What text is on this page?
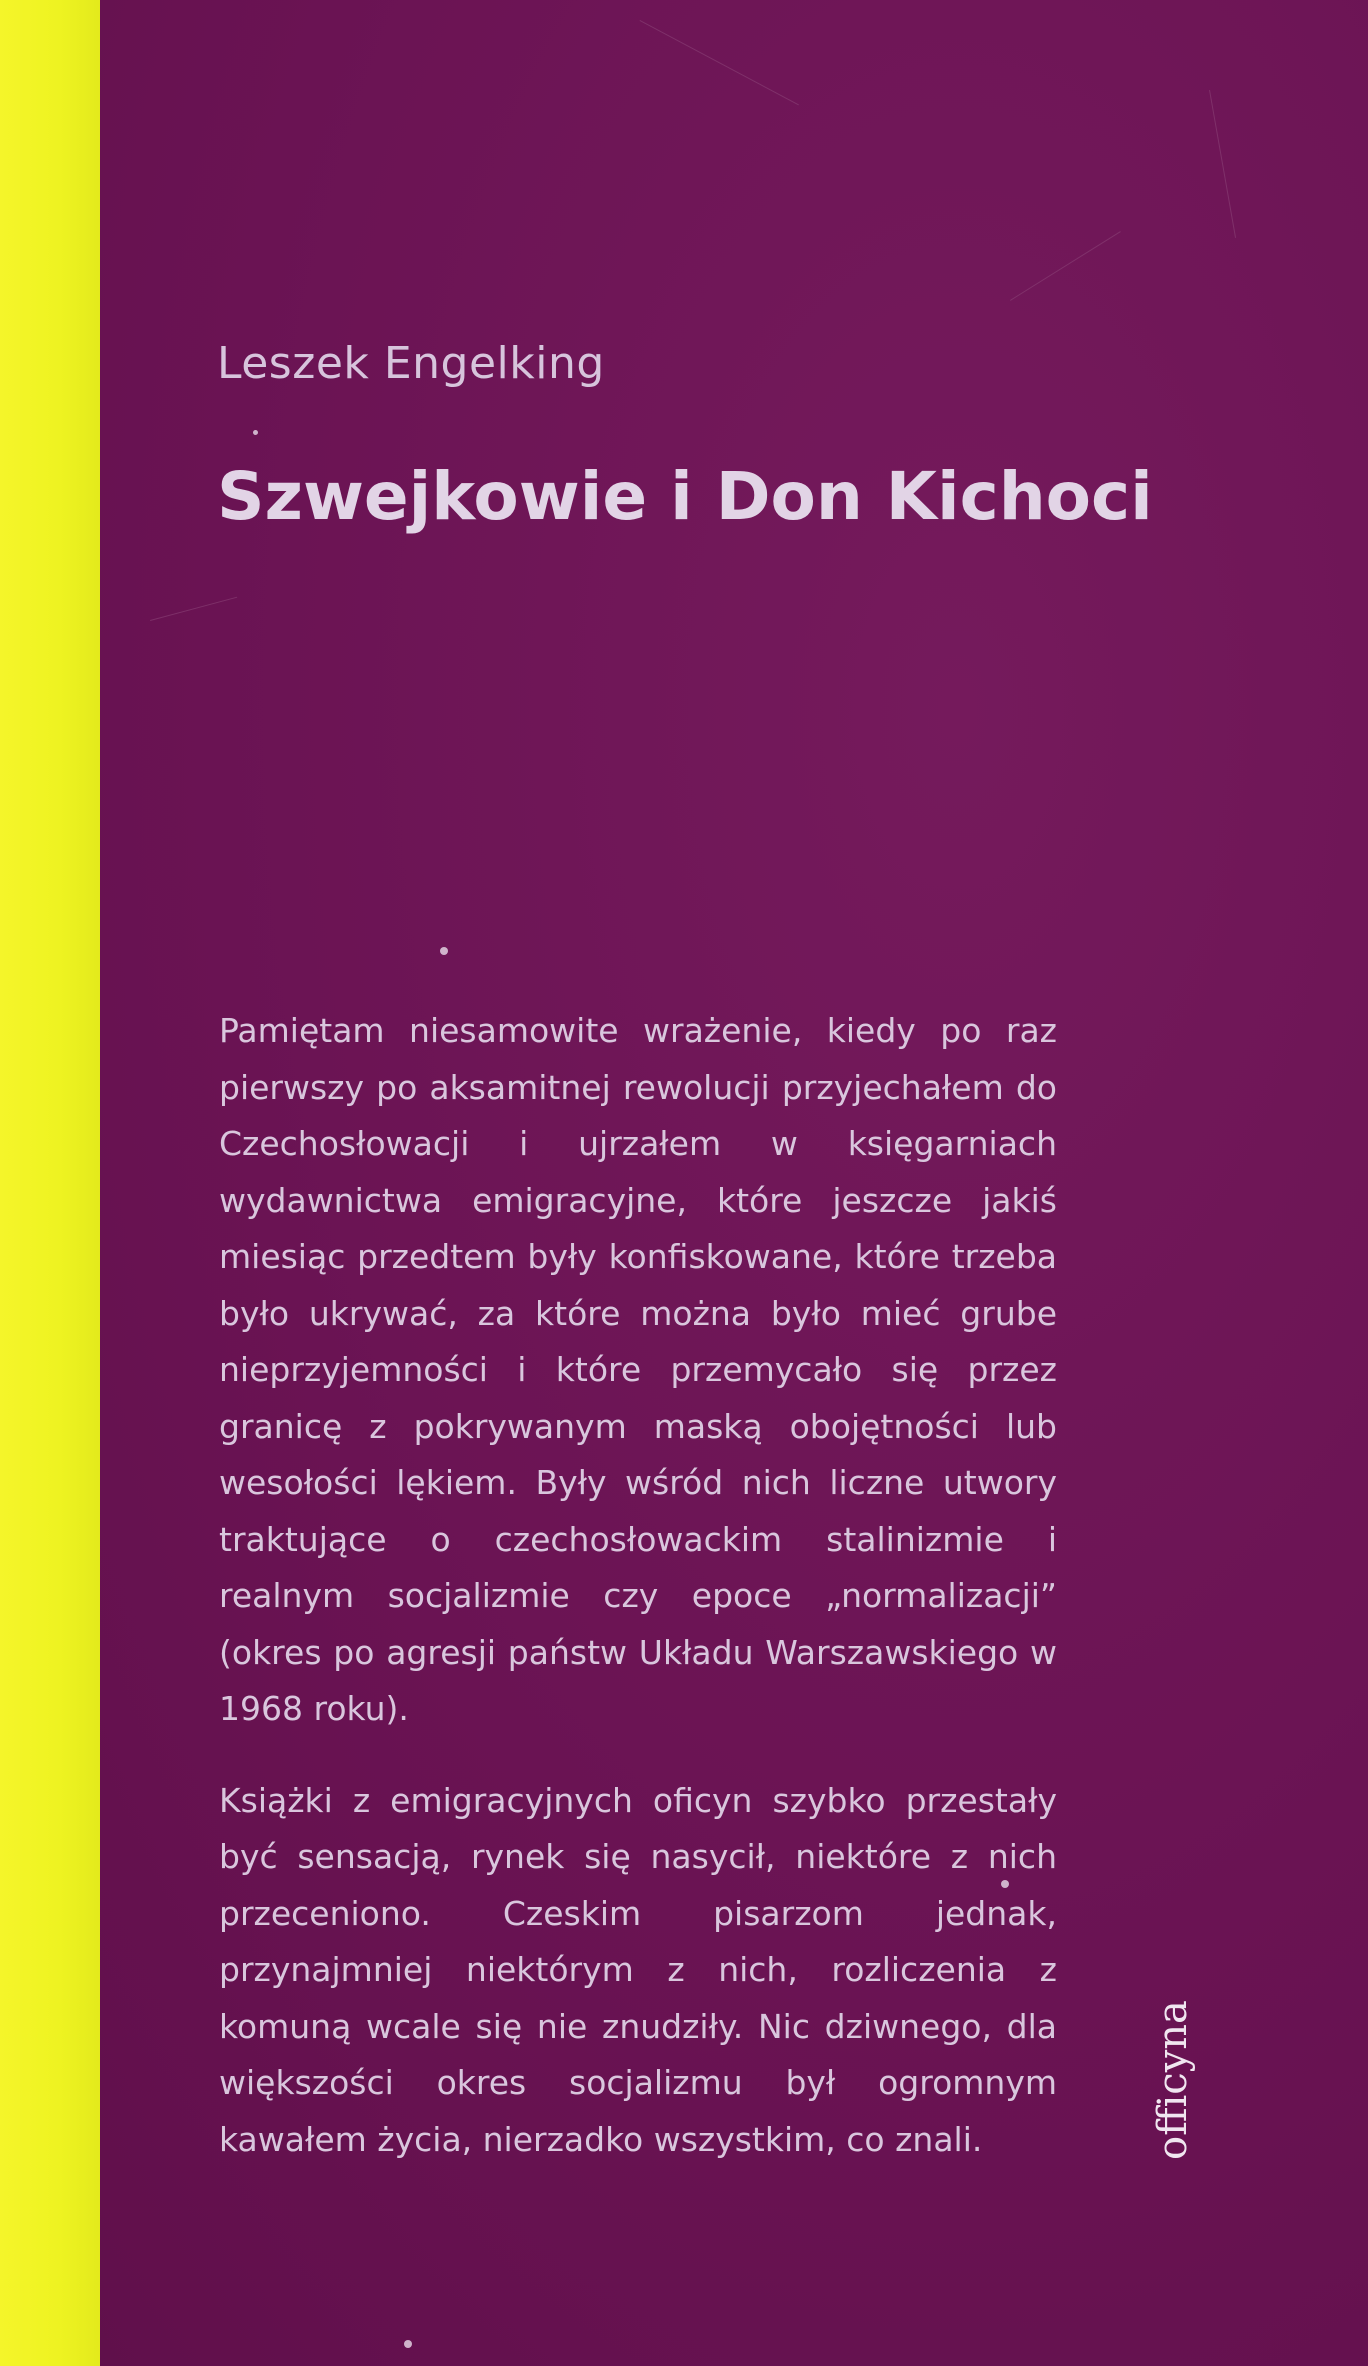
Leszek Engelking
Szwejkowie i Don Kichoci

Pamiętam niesamowite wrażenie, kiedy po raz pierwszy po aksamitnej rewolucji przyjechałem do Czechosłowacji i ujrzałem w księgarniach wydawnictwa emigracyjne, które jeszcze jakiś miesiąc przedtem były konfiskowane, które trzeba było ukrywać, za które można było mieć grube nieprzyjemności i które przemycało się przez granicę z pokrywanym maską obojętności lub wesołości lękiem. Były wśród nich liczne utwory traktujące o czechosłowackim stalinizmie i realnym socjalizmie czy epoce „normalizacji” (okres po agresji państw Układu Warszawskiego w 1968 roku).

Książki z emigracyjnych oficyn szybko przestały być sensacją, rynek się nasycił, niektóre z nich przeceniono. Czeskim pisarzom jednak, przynajmniej niektórym z nich, rozliczenia z komuną wcale się nie znudziły. Nic dziwnego, dla większości okres socjalizmu był ogromnym kawałem życia, nierzadko wszystkim, co znali.	officyna
